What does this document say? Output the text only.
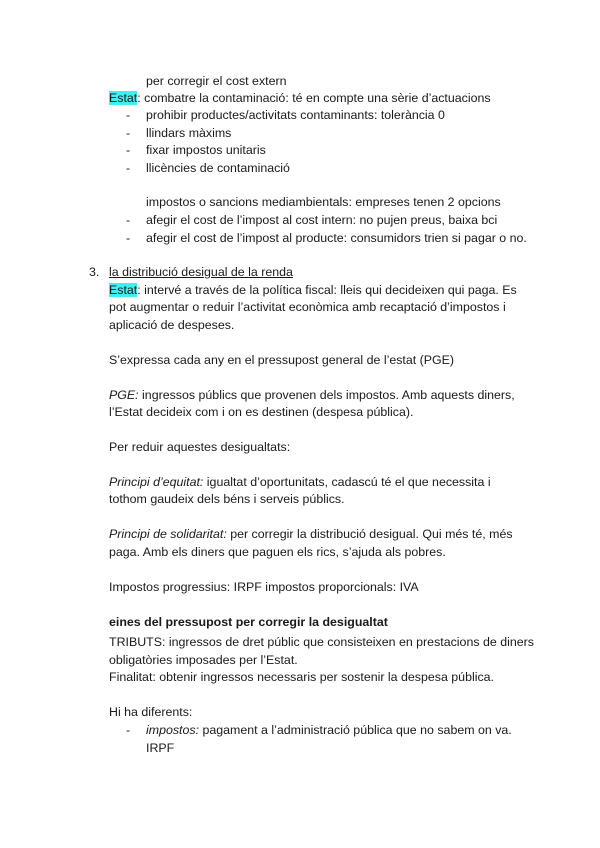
per corregir el cost extern
Estat: combatre la contaminació: té en compte una sèrie d’actuacions
- prohibir productes/activitats contaminants: tolerància 0
- llindars màxims
- fixar impostos unitaris
- llicències de contaminació
impostos o sancions mediambientals: empreses tenen 2 opcions
- afegir el cost de l’impost al cost intern: no pujen preus, baixa bci
- afegir el cost de l’impost al producte: consumidors trien si pagar o no.
3. la distribució desigual de la renda
Estat: intervé a través de la política fiscal: lleis qui decideixen qui paga. Es
pot augmentar o reduir l’activitat econòmica amb recaptació d’impostos i
aplicació de despeses.
S’expressa cada any en el pressupost general de l’estat (PGE)
PGE: ingressos públics que provenen dels impostos. Amb aquests diners,
l’Estat decideix com i on es destinen (despesa pública).
Per reduir aquestes desigualtats:
Principi d’equitat: igualtat d’oportunitats, cadascú té el que necessita i
tothom gaudeix dels béns i serveis públics.
Principi de solidaritat: per corregir la distribució desigual. Qui més té, més
paga. Amb els diners que paguen els rics, s’ajuda als pobres.
Impostos progressius: IRPF impostos proporcionals: IVA
eines del pressupost per corregir la desigualtat
TRIBUTS: ingressos de dret públic que consisteixen en prestacions de diners
obligatòries imposades per l’Estat.
Finalitat: obtenir ingressos necessaris per sostenir la despesa pública.
Hi ha diferents:
- impostos: pagament a l’administració pública que no sabem on va.
IRPF
